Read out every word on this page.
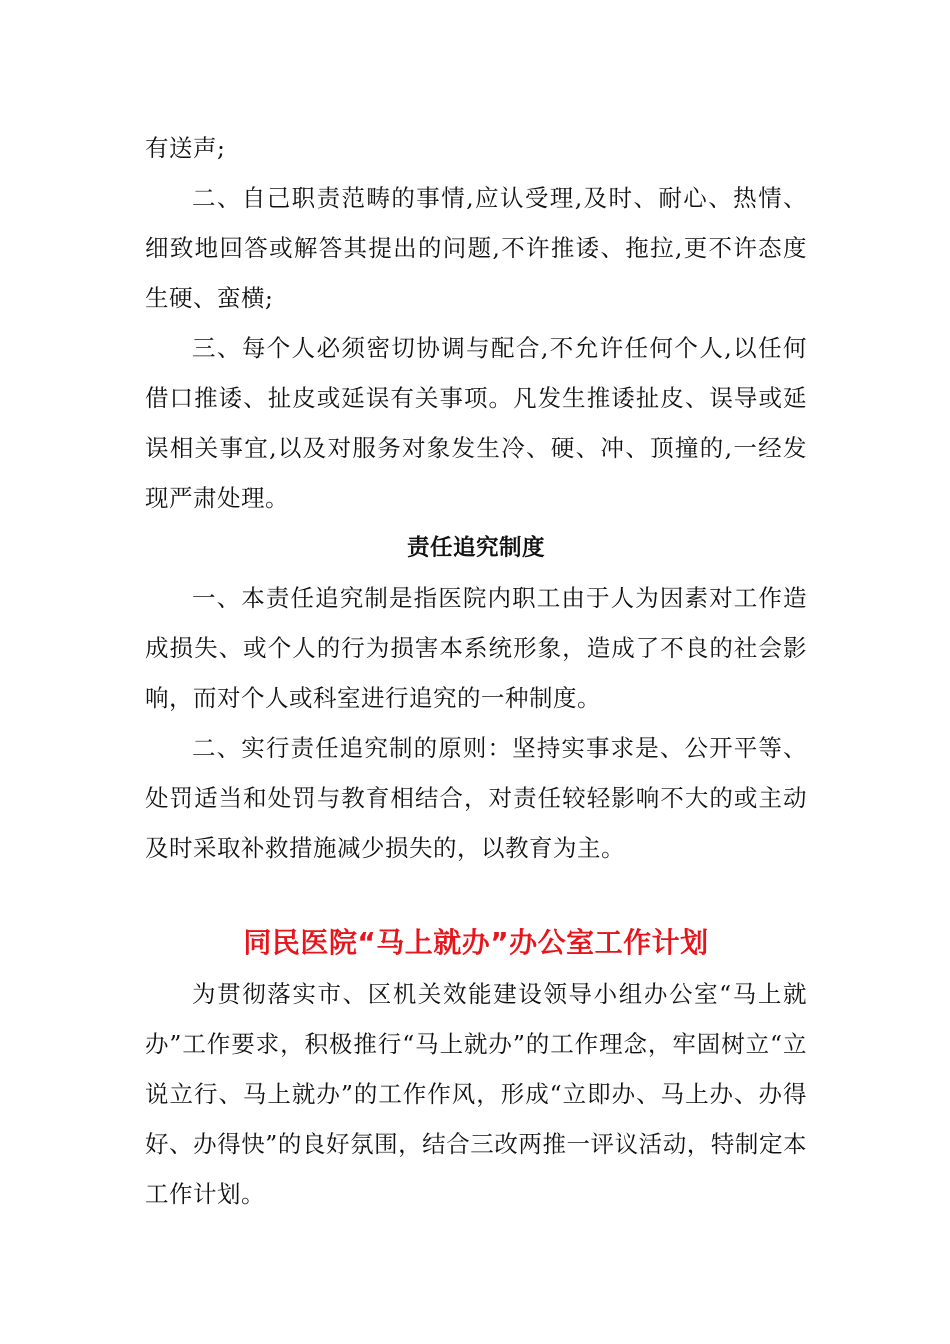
有送声;

二、自己职责范畴的事情,应认受理,及时、耐心、热情、细致地回答或解答其提出的问题,不许推诿、拖拉,更不许态度生硬、蛮横;

三、每个人必须密切协调与配合,不允许任何个人,以任何借口推诿、扯皮或延误有关事项。凡发生推诿扯皮、误导或延误相关事宜,以及对服务对象发生冷、硬、冲、顶撞的,一经发现严肃处理。

责任追究制度

一、本责任追究制是指医院内职工由于人为因素对工作造成损失、或个人的行为损害本系统形象，造成了不良的社会影响，而对个人或科室进行追究的一种制度。

二、实行责任追究制的原则：坚持实事求是、公开平等、处罚适当和处罚与教育相结合，对责任较轻影响不大的或主动及时采取补救措施减少损失的，以教育为主。

同民医院“马上就办”办公室工作计划

为贯彻落实市、区机关效能建设领导小组办公室“马上就办”工作要求，积极推行“马上就办”的工作理念，牢固树立“立说立行、马上就办”的工作作风，形成“立即办、马上办、办得好、办得快”的良好氛围，结合三改两推一评议活动，特制定本工作计划。
